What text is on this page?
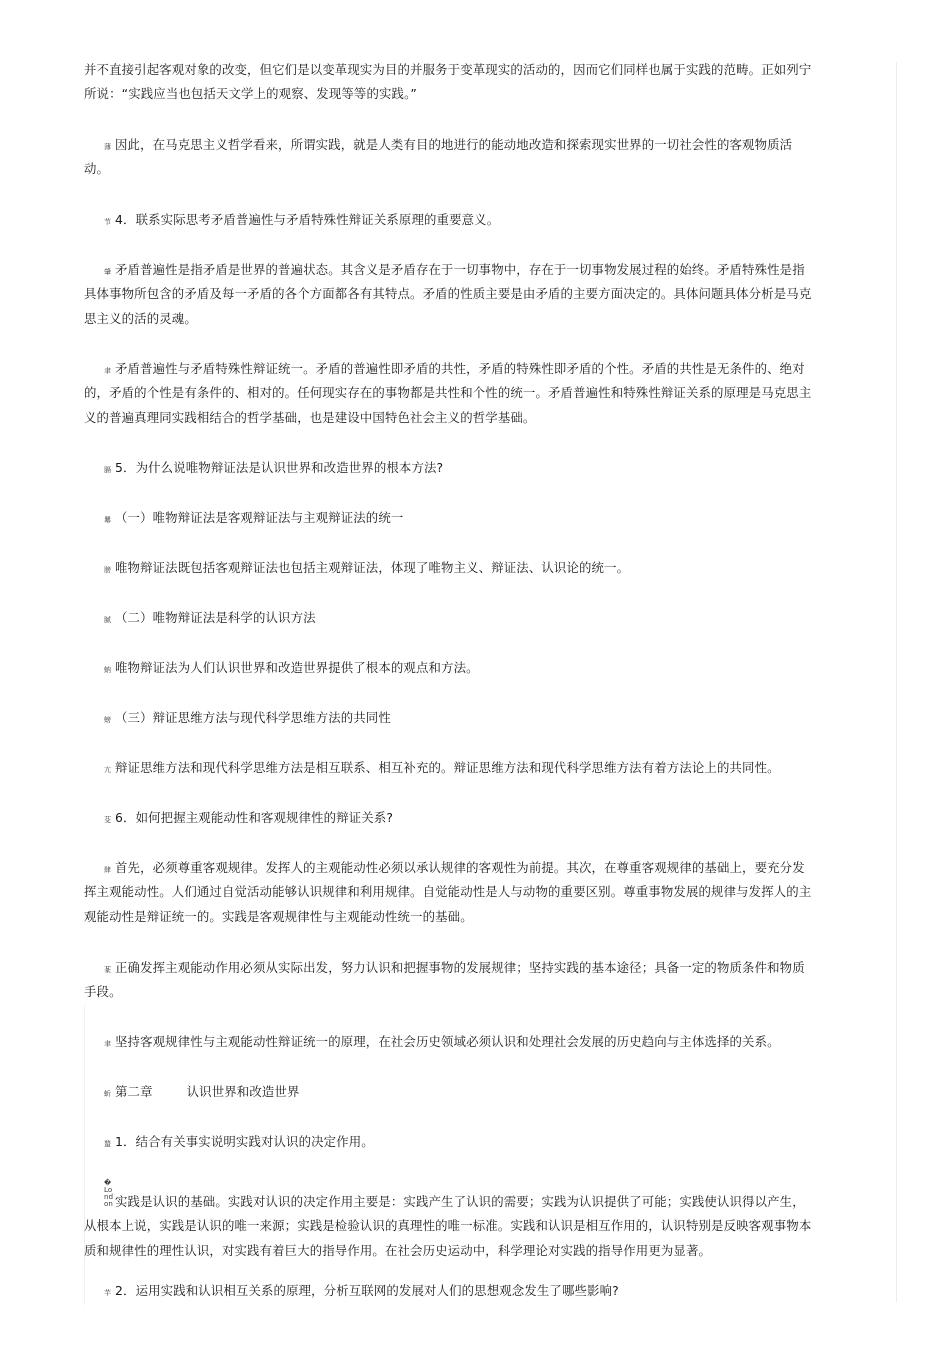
并不直接引起客观对象的改变，但它们是以变革现实为目的并服务于变革现实的活动的，因而它们同样也属于实践的范畴。正如列宁所说：“实践应当也包括天文学上的观察、发现等等的实践。”

薄 因此，在马克思主义哲学看来，所谓实践，就是人类有目的地进行的能动地改造和探索现实世界的一切社会性的客观物质活动。

节 4．联系实际思考矛盾普遍性与矛盾特殊性辩证关系原理的重要意义。

肇 矛盾普遍性是指矛盾是世界的普遍状态。其含义是矛盾存在于一切事物中，存在于一切事物发展过程的始终。矛盾特殊性是指具体事物所包含的矛盾及每一矛盾的各个方面都各有其特点。矛盾的性质主要是由矛盾的主要方面决定的。具体问题具体分析是马克思主义的活的灵魂。

聿 矛盾普遍性与矛盾特殊性辩证统一。矛盾的普遍性即矛盾的共性，矛盾的特殊性即矛盾的个性。矛盾的共性是无条件的、绝对的，矛盾的个性是有条件的、相对的。任何现实存在的事物都是共性和个性的统一。矛盾普遍性和特殊性辩证关系的原理是马克思主义的普遍真理同实践相结合的哲学基础，也是建设中国特色社会主义的哲学基础。

膈 5．为什么说唯物辩证法是认识世界和改造世界的根本方法?

羃 （一）唯物辩证法是客观辩证法与主观辩证法的统一

膀 唯物辩证法既包括客观辩证法也包括主观辩证法，体现了唯物主义、辩证法、认识论的统一。

腻 （二）唯物辩证法是科学的认识方法

蚋 唯物辩证法为人们认识世界和改造世界提供了根本的观点和方法。

螃 （三）辩证思维方法与现代科学思维方法的共同性

亢 辩证思维方法和现代科学思维方法是相互联系、相互补充的。辩证思维方法和现代科学思维方法有着方法论上的共同性。

芟 6．如何把握主观能动性和客观规律性的辩证关系?

肆 首先，必须尊重客观规律。发挥人的主观能动性必须以承认规律的客观性为前提。其次，在尊重客观规律的基础上，要充分发挥主观能动性。人们通过自觉活动能够认识规律和利用规律。自觉能动性是人与动物的重要区别。尊重事物发展的规律与发挥人的主观能动性是辩证统一的。实践是客观规律性与主观能动性统一的基础。

蒃 正确发挥主观能动作用必须从实际出发，努力认识和把握事物的发展规律；坚持实践的基本途径；具备一定的物质条件和物质手段。

聿 坚持客观规律性与主观能动性辩证统一的原理，在社会历史领域必须认识和处理社会发展的历史趋向与主体选择的关系。

蚚 第二章	认识世界和改造世界

蝥 1．结合有关事实说明实践对认识的决定作用。

�London 实践是认识的基础。实践对认识的决定作用主要是：实践产生了认识的需要；实践为认识提供了可能；实践使认识得以产生，从根本上说，实践是认识的唯一来源；实践是检验认识的真理性的唯一标准。实践和认识是相互作用的，认识特别是反映客观事物本质和规律性的理性认识，对实践有着巨大的指导作用。在社会历史运动中，科学理论对实践的指导作用更为显著。

芉 2．运用实践和认识相互关系的原理，分析互联网的发展对人们的思想观念发生了哪些影响?
